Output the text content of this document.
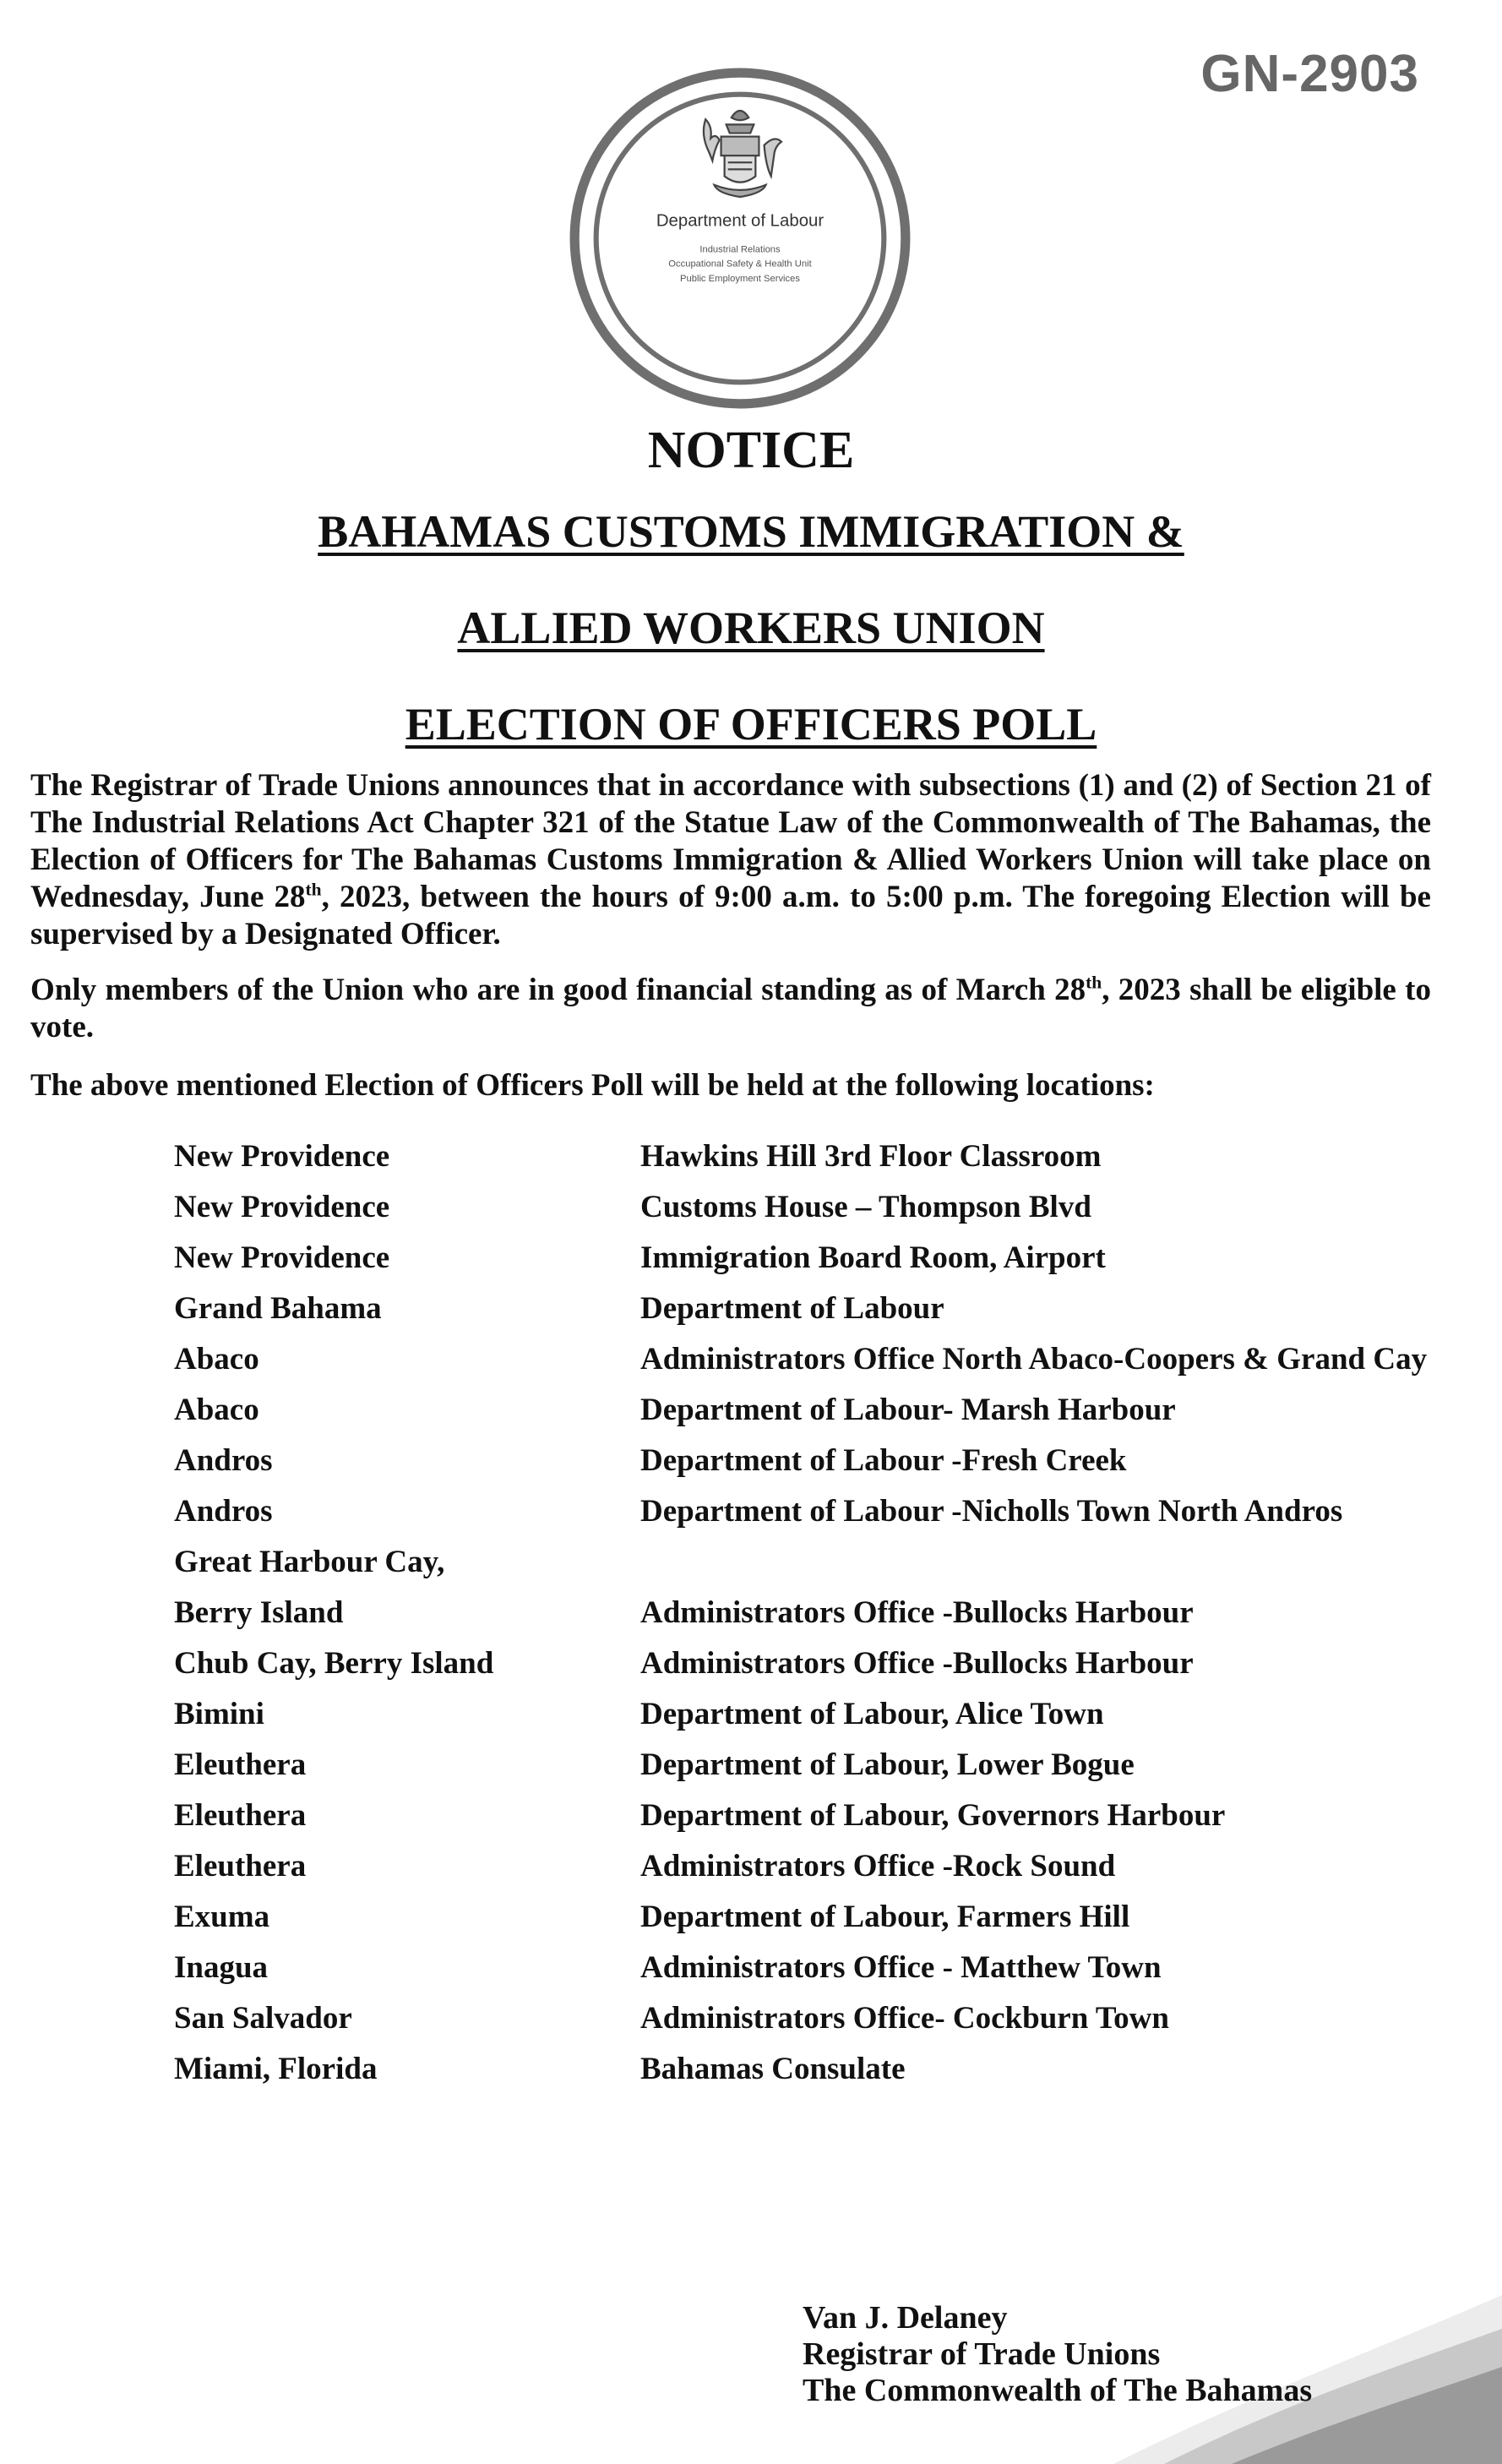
GN-2903
Department of Labour
Industrial Relations
Occupational Safety & Health Unit
Public Employment Services
NOTICE
BAHAMAS CUSTOMS IMMIGRATION &
ALLIED WORKERS UNION
ELECTION OF OFFICERS POLL

The Registrar of Trade Unions announces that in accordance with subsections (1) and (2) of Section 21 of The Industrial Relations Act Chapter 321 of the Statue Law of the Commonwealth of The Bahamas, the Election of Officers for The Bahamas Customs Immigration & Allied Workers Union will take place on Wednesday, June 28th, 2023, between the hours of 9:00 a.m. to 5:00 p.m. The foregoing Election will be supervised by a Designated Officer.

Only members of the Union who are in good financial standing as of March 28th, 2023 shall be eligible to vote.

The above mentioned Election of Officers Poll will be held at the following locations:

New Providence	Hawkins Hill 3rd Floor Classroom
New Providence	Customs House – Thompson Blvd
New Providence	Immigration Board Room, Airport
Grand Bahama	Department of Labour
Abaco	Administrators Office North Abaco-Coopers & Grand Cay
Abaco	Department of Labour- Marsh Harbour
Andros	Department of Labour -Fresh Creek
Andros	Department of Labour -Nicholls Town North Andros
Great Harbour Cay,
Berry Island	Administrators Office -Bullocks Harbour
Chub Cay, Berry Island	Administrators Office -Bullocks Harbour
Bimini	Department of Labour, Alice Town
Eleuthera	Department of Labour, Lower Bogue
Eleuthera	Department of Labour, Governors Harbour
Eleuthera	Administrators Office -Rock Sound
Exuma	Department of Labour, Farmers Hill
Inagua	Administrators Office - Matthew Town
San Salvador	Administrators Office- Cockburn Town
Miami, Florida	Bahamas Consulate
Van J. Delaney
Registrar of Trade Unions
The Commonwealth of The Bahamas
